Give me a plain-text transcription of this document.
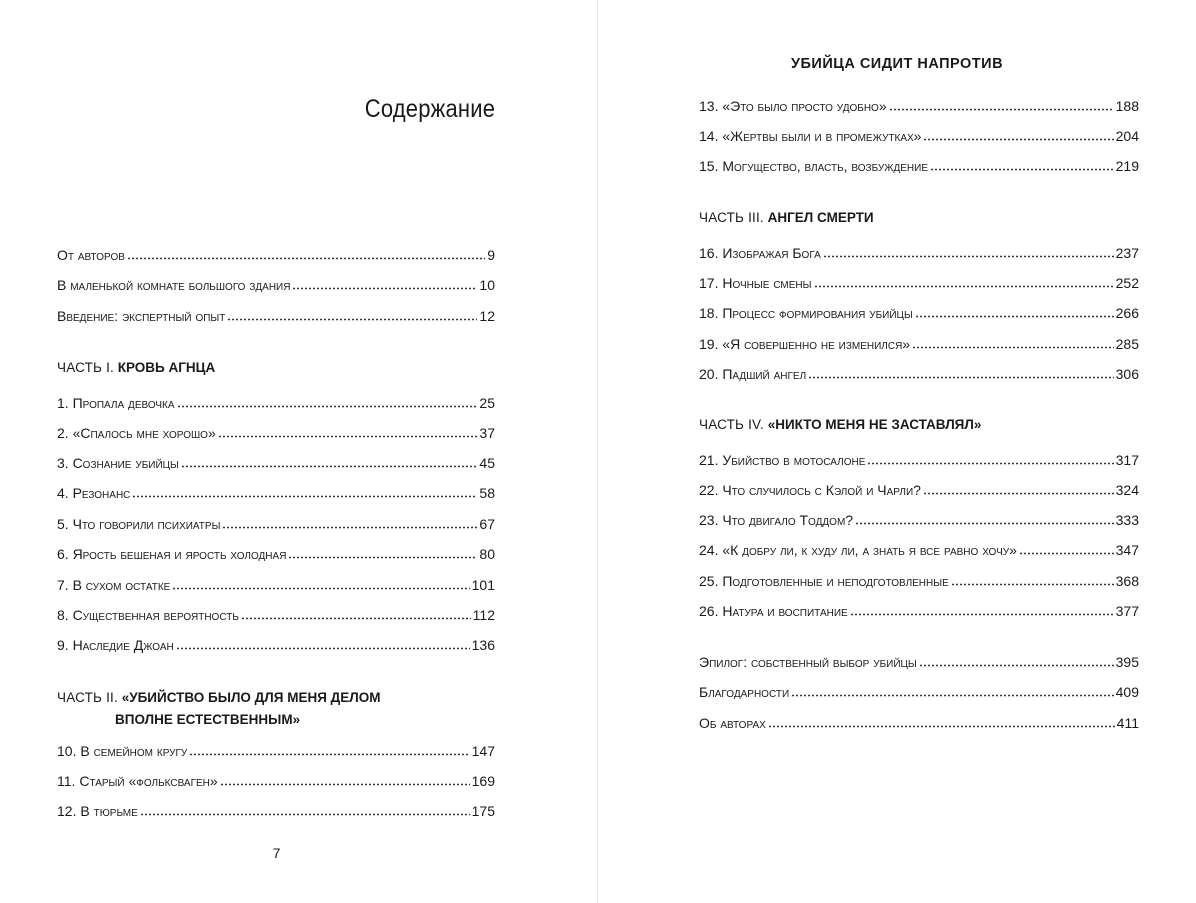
Содержание
От авторов	9
В маленькой комнате большого здания	10
Введение: экспертный опыт	12
ЧАСТЬ I. КРОВЬ АГНЦА
1. Пропала девочка	25
2. «Спалось мне хорошо»	37
3. Сознание убийцы	45
4. Резонанс	58
5. Что говорили психиатры	67
6. Ярость бешеная и ярость холодная	80
7. В сухом остатке	101
8. Существенная вероятность	112
9. Наследие Джоан	136
ЧАСТЬ II. «УБИЙСТВО БЫЛО ДЛЯ МЕНЯ ДЕЛОМ
ВПОЛНЕ ЕСТЕСТВЕННЫМ»
10. В семейном кругу	147
11. Старый «фольксваген»	169
12. В тюрьме	175
7
УБИЙЦА СИДИТ НАПРОТИВ
13. «Это было просто удобно»	188
14. «Жертвы были и в промежутках»	204
15. Могущество, власть, возбуждение	219
ЧАСТЬ III. АНГЕЛ СМЕРТИ
16. Изображая Бога	237
17. Ночные смены	252
18. Процесс формирования убийцы	266
19. «Я совершенно не изменился»	285
20. Падший ангел	306
ЧАСТЬ IV. «НИКТО МЕНЯ НЕ ЗАСТАВЛЯЛ»
21. Убийство в мотосалоне	317
22. Что случилось с Кэлой и Чарли?	324
23. Что двигало Тоддом?	333
24. «К добру ли, к худу ли, а знать я все равно хочу»	347
25. Подготовленные и неподготовленные	368
26. Натура и воспитание	377
Эпилог: собственный выбор убийцы	395
Благодарности	409
Об авторах	411
